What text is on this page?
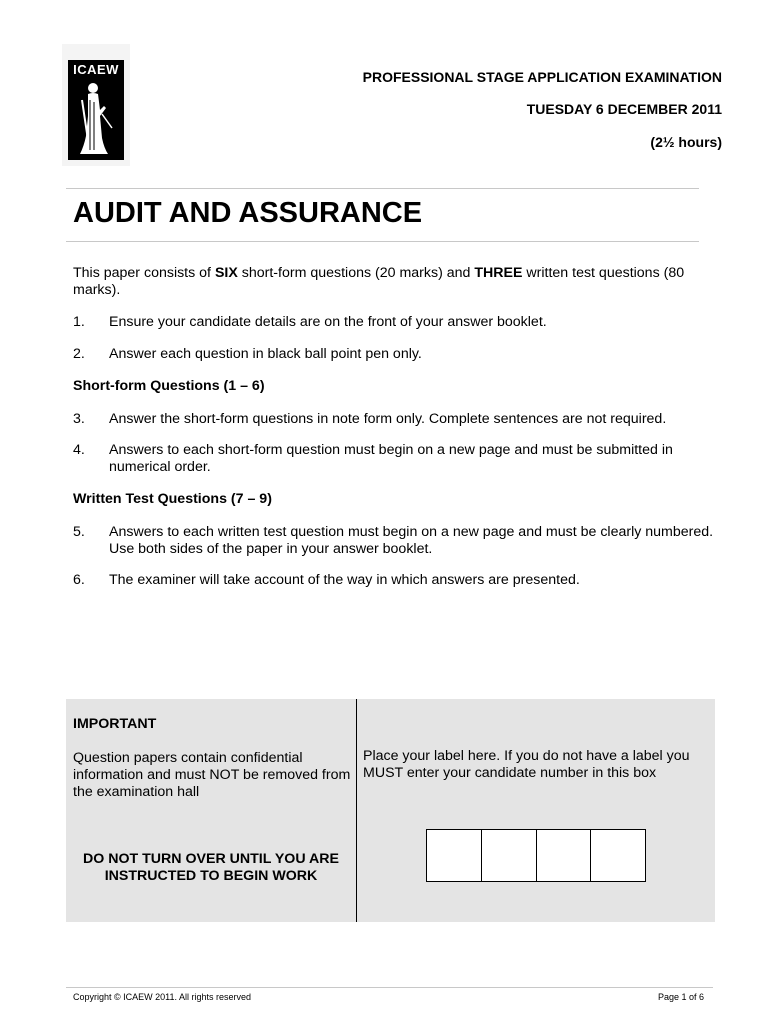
ICAEW	PROFESSIONAL STAGE APPLICATION EXAMINATION
TUESDAY 6 DECEMBER 2011
(2½ hours)
AUDIT AND ASSURANCE
This paper consists of SIX short-form questions (20 marks) and THREE written test questions (80 marks).
1. Ensure your candidate details are on the front of your answer booklet.
2. Answer each question in black ball point pen only.
Short-form Questions (1 – 6)
3. Answer the short-form questions in note form only. Complete sentences are not required.
4. Answers to each short-form question must begin on a new page and must be submitted in numerical order.
Written Test Questions (7 – 9)
5. Answers to each written test question must begin on a new page and must be clearly numbered. Use both sides of the paper in your answer booklet.
6. The examiner will take account of the way in which answers are presented.
IMPORTANT
Question papers contain confidential information and must NOT be removed from the examination hall
DO NOT TURN OVER UNTIL YOU ARE INSTRUCTED TO BEGIN WORK
Place your label here. If you do not have a label you MUST enter your candidate number in this box
Copyright © ICAEW 2011. All rights reserved	Page 1 of 6
